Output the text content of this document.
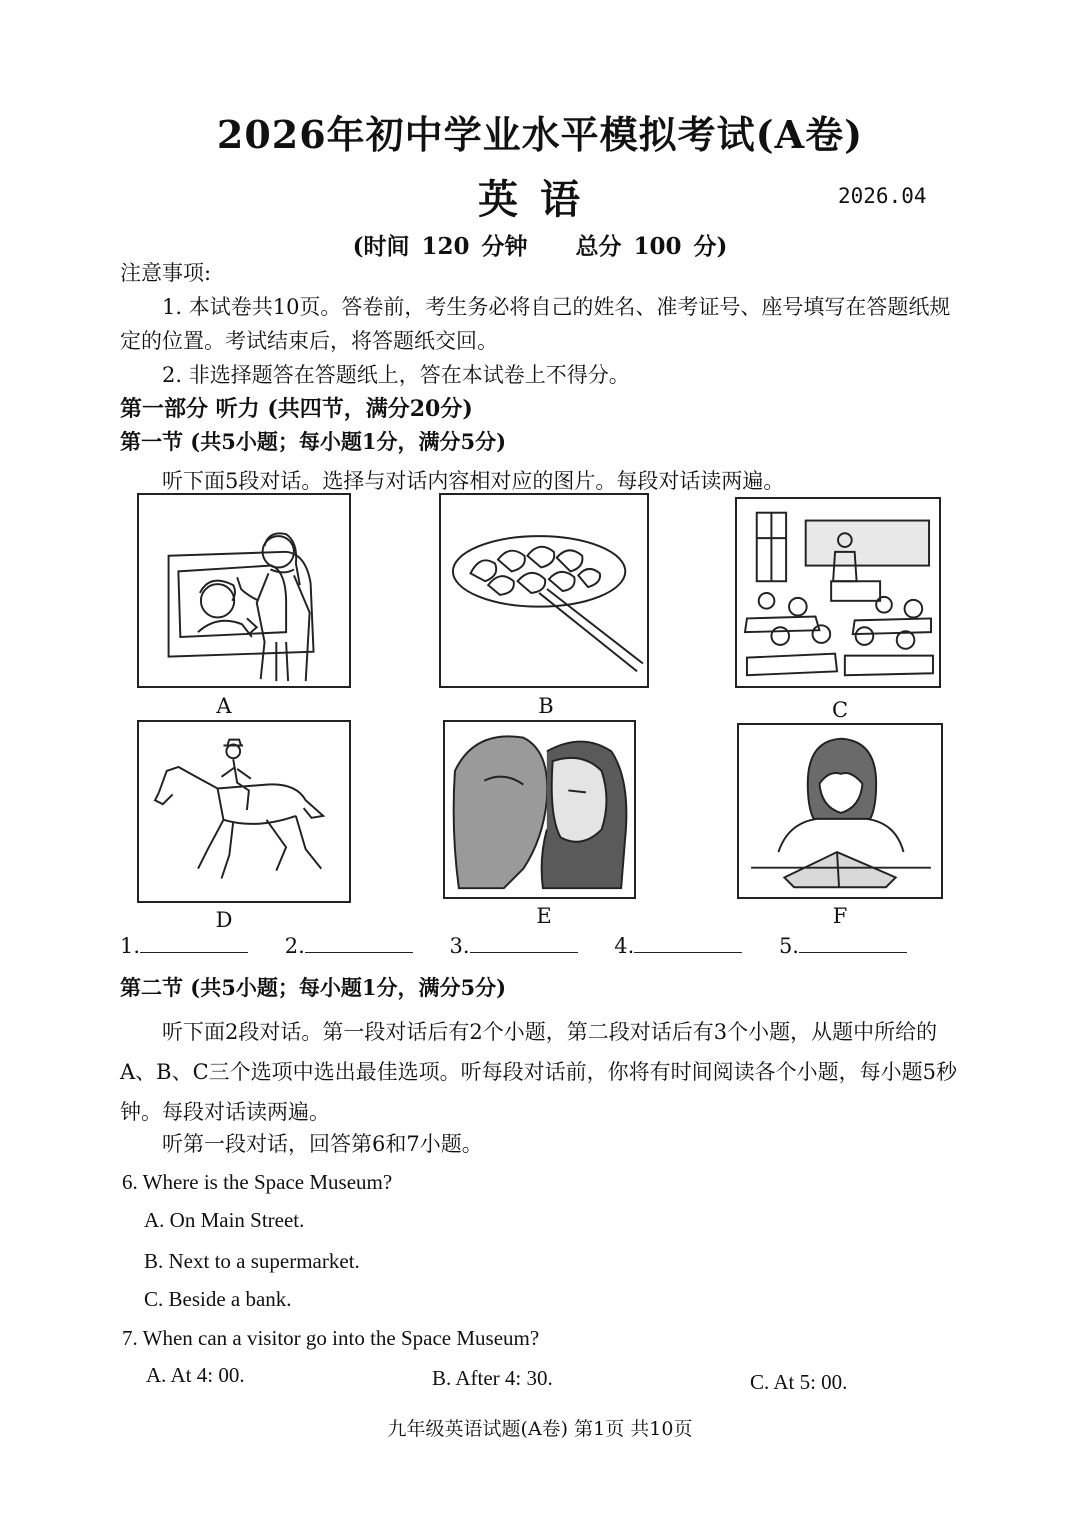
2026年初中学业水平模拟考试(A卷)
英语	2026.04
(时间 120 分钟 总分 100 分)
注意事项:
1. 本试卷共10页。答卷前，考生务必将自己的姓名、准考证号、座号填写在答题纸规定的位置。考试结束后，将答题纸交回。
2. 非选择题答在答题纸上，答在本试卷上不得分。
第一部分 听力 (共四节，满分20分)
第一节 (共5小题；每小题1分，满分5分)
听下面5段对话。选择与对话内容相对应的图片。每段对话读两遍。
A	B	C
D	E	F
1.	2.	3.	4.	5.
第二节 (共5小题；每小题1分，满分5分)
听下面2段对话。第一段对话后有2个小题，第二段对话后有3个小题，从题中所给的A、B、C三个选项中选出最佳选项。听每段对话前，你将有时间阅读各个小题，每小题5秒钟。每段对话读两遍。
听第一段对话，回答第6和7小题。
6. Where is the Space Museum?
A. On Main Street.
B. Next to a supermarket.
C. Beside a bank.
7. When can a visitor go into the Space Museum?
A. At 4: 00.	B. After 4: 30.	C. At 5: 00.
九年级英语试题(A卷) 第1页 共10页
